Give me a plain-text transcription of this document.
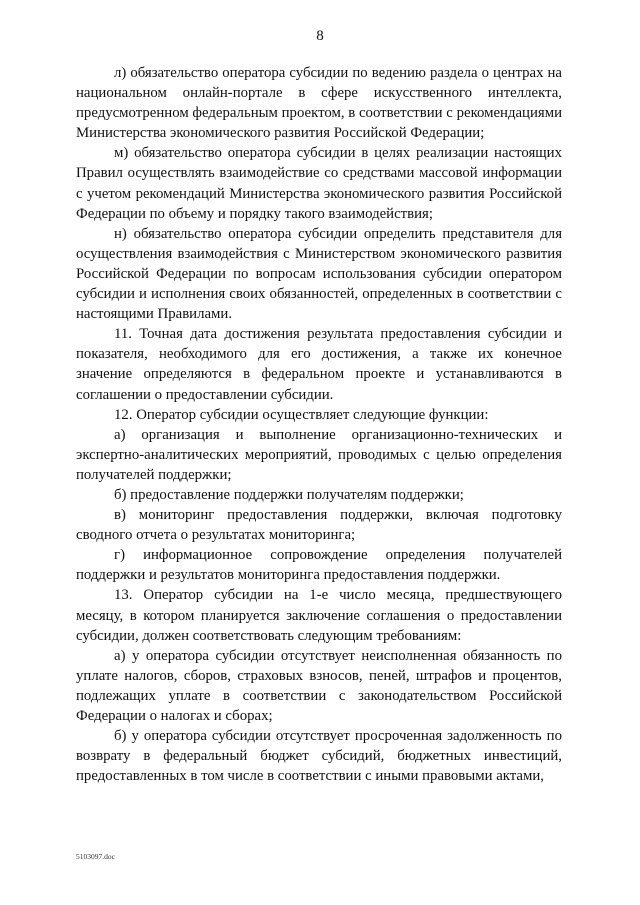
8

л) обязательство оператора субсидии по ведению раздела о центрах на национальном онлайн-портале в сфере искусственного интеллекта, предусмотренном федеральным проектом, в соответствии с рекомендациями Министерства экономического развития Российской Федерации;

м) обязательство оператора субсидии в целях реализации настоящих Правил осуществлять взаимодействие со средствами массовой информации с учетом рекомендаций Министерства экономического развития Российской Федерации по объему и порядку такого взаимодействия;

н) обязательство оператора субсидии определить представителя для осуществления взаимодействия с Министерством экономического развития Российской Федерации по вопросам использования субсидии оператором субсидии и исполнения своих обязанностей, определенных в соответствии с настоящими Правилами.

11. Точная дата достижения результата предоставления субсидии и показателя, необходимого для его достижения, а также их конечное значение определяются в федеральном проекте и устанавливаются в соглашении о предоставлении субсидии.

12. Оператор субсидии осуществляет следующие функции:

а) организация и выполнение организационно-технических и экспертно-аналитических мероприятий, проводимых с целью определения получателей поддержки;

б) предоставление поддержки получателям поддержки;

в) мониторинг предоставления поддержки, включая подготовку сводного отчета о результатах мониторинга;

г) информационное сопровождение определения получателей поддержки и результатов мониторинга предоставления поддержки.

13. Оператор субсидии на 1-е число месяца, предшествующего месяцу, в котором планируется заключение соглашения о предоставлении субсидии, должен соответствовать следующим требованиям:

а) у оператора субсидии отсутствует неисполненная обязанность по уплате налогов, сборов, страховых взносов, пеней, штрафов и процентов, подлежащих уплате в соответствии с законодательством Российской Федерации о налогах и сборах;

б) у оператора субсидии отсутствует просроченная задолженность по возврату в федеральный бюджет субсидий, бюджетных инвестиций, предоставленных в том числе в соответствии с иными правовыми актами,

5103097.doc
